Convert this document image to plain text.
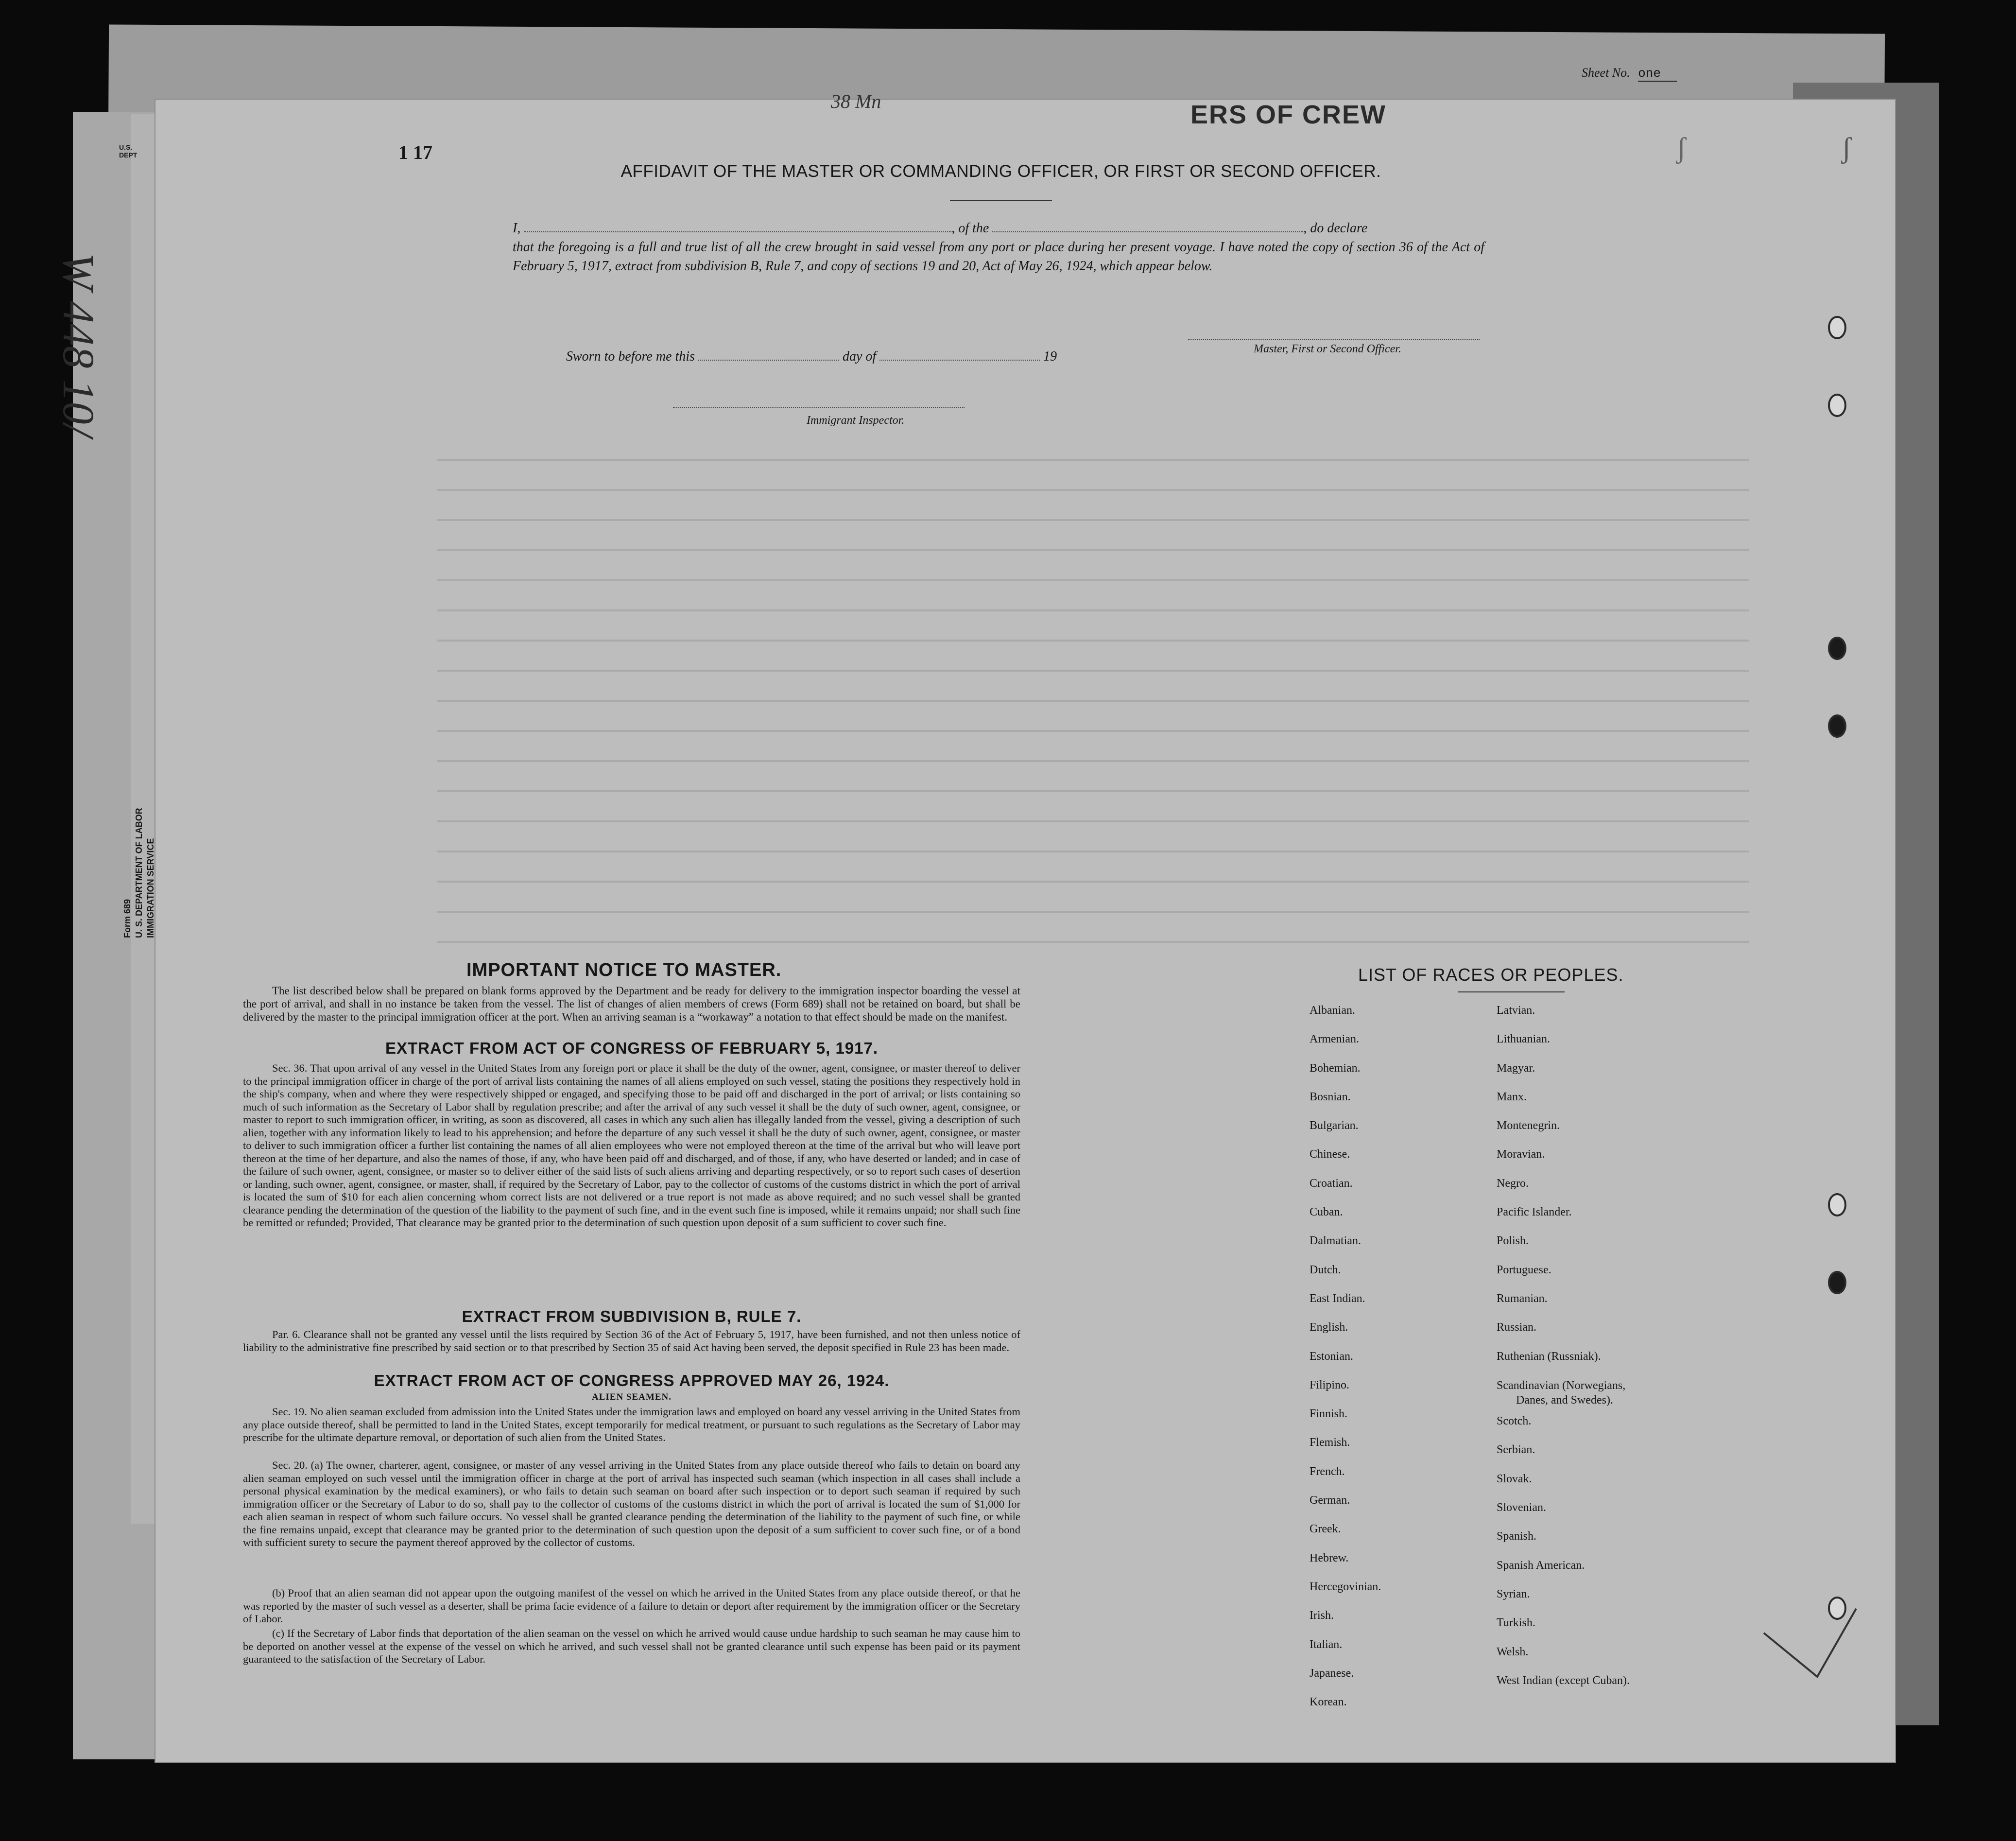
Sheet No. one
ERS OF CREW
38 Mn
W 448 10/
1 17	ʃ	ʃ
U.S.
DEPT
Form 689 U. S. DEPARTMENT OF LABOR IMMIGRATION SERVICE
AFFIDAVIT OF THE MASTER OR COMMANDING OFFICER, OR FIRST OR SECOND OFFICER.
I,	, of the	, do declare
that the foregoing is a full and true list of all the crew brought in said vessel from any port or place during her present voyage. I have noted the copy of section 36 of the Act of February 5, 1917, extract from subdivision B, Rule 7, and copy of sections 19 and 20, Act of May 26, 1924, which appear below.
Sworn to before me this	day of	19	Master, First or Second Officer.
Immigrant Inspector.
IMPORTANT NOTICE TO MASTER.
The list described below shall be prepared on blank forms approved by the Department and be ready for delivery to the immigration inspector boarding the vessel at the port of arrival, and shall in no instance be taken from the vessel. The list of changes of alien members of crews (Form 689) shall not be retained on board, but shall be delivered by the master to the principal immigration officer at the port. When an arriving seaman is a “workaway” a notation to that effect should be made on the manifest.
EXTRACT FROM ACT OF CONGRESS OF FEBRUARY 5, 1917.
Sec. 36. That upon arrival of any vessel in the United States from any foreign port or place it shall be the duty of the owner, agent, consignee, or master thereof to deliver to the principal immigration officer in charge of the port of arrival lists containing the names of all aliens employed on such vessel, stating the positions they respectively hold in the ship's company, when and where they were respectively shipped or engaged, and specifying those to be paid off and discharged in the port of arrival; or lists containing so much of such information as the Secretary of Labor shall by regulation prescribe; and after the arrival of any such vessel it shall be the duty of such owner, agent, consignee, or master to report to such immigration officer, in writing, as soon as discovered, all cases in which any such alien has illegally landed from the vessel, giving a description of such alien, together with any information likely to lead to his apprehension; and before the departure of any such vessel it shall be the duty of such owner, agent, consignee, or master to deliver to such immigration officer a further list containing the names of all alien employees who were not employed thereon at the time of the arrival but who will leave port thereon at the time of her departure, and also the names of those, if any, who have been paid off and discharged, and of those, if any, who have deserted or landed; and in case of the failure of such owner, agent, consignee, or master so to deliver either of the said lists of such aliens arriving and departing respectively, or so to report such cases of desertion or landing, such owner, agent, consignee, or master, shall, if required by the Secretary of Labor, pay to the collector of customs of the customs district in which the port of arrival is located the sum of $10 for each alien concerning whom correct lists are not delivered or a true report is not made as above required; and no such vessel shall be granted clearance pending the determination of the question of the liability to the payment of such fine, and in the event such fine is imposed, while it remains unpaid; nor shall such fine be remitted or refunded; Provided, That clearance may be granted prior to the determination of such question upon deposit of a sum sufficient to cover such fine.
EXTRACT FROM SUBDIVISION B, RULE 7.
Par. 6. Clearance shall not be granted any vessel until the lists required by Section 36 of the Act of February 5, 1917, have been furnished, and not then unless notice of liability to the administrative fine prescribed by said section or to that prescribed by Section 35 of said Act having been served, the deposit specified in Rule 23 has been made.
EXTRACT FROM ACT OF CONGRESS APPROVED MAY 26, 1924.
ALIEN SEAMEN.
Sec. 19. No alien seaman excluded from admission into the United States under the immigration laws and employed on board any vessel arriving in the United States from any place outside thereof, shall be permitted to land in the United States, except temporarily for medical treatment, or pursuant to such regulations as the Secretary of Labor may prescribe for the ultimate departure removal, or deportation of such alien from the United States.
Sec. 20. (a) The owner, charterer, agent, consignee, or master of any vessel arriving in the United States from any place outside thereof who fails to detain on board any alien seaman employed on such vessel until the immigration officer in charge at the port of arrival has inspected such seaman (which inspection in all cases shall include a personal physical examination by the medical examiners), or who fails to detain such seaman on board after such inspection or to deport such seaman if required by such immigration officer or the Secretary of Labor to do so, shall pay to the collector of customs of the customs district in which the port of arrival is located the sum of $1,000 for each alien seaman in respect of whom such failure occurs. No vessel shall be granted clearance pending the determination of the liability to the payment of such fine, or while the fine remains unpaid, except that clearance may be granted prior to the determination of such question upon the deposit of a sum sufficient to cover such fine, or of a bond with sufficient surety to secure the payment thereof approved by the collector of customs.
(b) Proof that an alien seaman did not appear upon the outgoing manifest of the vessel on which he arrived in the United States from any place outside thereof, or that he was reported by the master of such vessel as a deserter, shall be prima facie evidence of a failure to detain or deport after requirement by the immigration officer or the Secretary of Labor.
(c) If the Secretary of Labor finds that deportation of the alien seaman on the vessel on which he arrived would cause undue hardship to such seaman he may cause him to be deported on another vessel at the expense of the vessel on which he arrived, and such vessel shall not be granted clearance until such expense has been paid or its payment guaranteed to the satisfaction of the Secretary of Labor.
LIST OF RACES OR PEOPLES.
Albanian.
Armenian.
Bohemian.
Bosnian.
Bulgarian.
Chinese.
Croatian.
Cuban.
Dalmatian.
Dutch.
East Indian.
English.
Estonian.
Filipino.
Finnish.
Flemish.
French.
German.
Greek.
Hebrew.
Hercegovinian.
Irish.
Italian.
Japanese.
Korean.
Latvian.
Lithuanian.
Magyar.
Manx.
Montenegrin.
Moravian.
Negro.
Pacific Islander.
Polish.
Portuguese.
Rumanian.
Russian.
Ruthenian (Russniak).
Scandinavian (Norwegians,
Danes, and Swedes).
Scotch.
Serbian.
Slovak.
Slovenian.
Spanish.
Spanish American.
Syrian.
Turkish.
Welsh.
West Indian (except Cuban).
